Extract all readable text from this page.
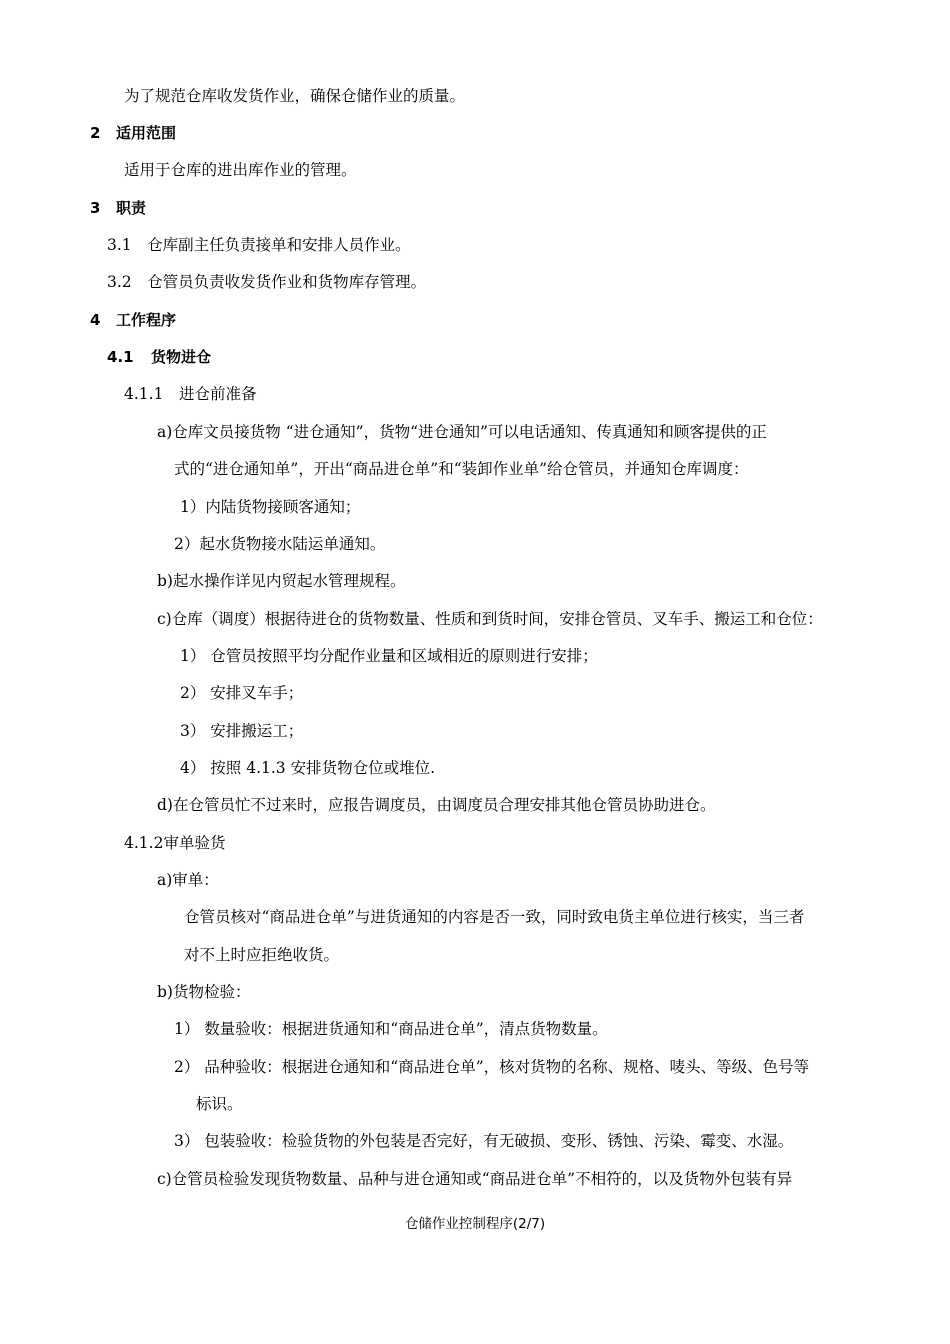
为了规范仓库收发货作业，确保仓储作业的质量。

2 适用范围

适用于仓库的进出库作业的管理。

3 职责

3.1　仓库副主任负责接单和安排人员作业。

3.2　仓管员负责收发货作业和货物库存管理。

4 工作程序

4.1 货物进仓

4.1.1　进仓前准备

a)仓库文员接货物 “进仓通知”，货物“进仓通知”可以电话通知、传真通知和顾客提供的正

式的“进仓通知单”，开出“商品进仓单”和“装卸作业单”给仓管员，并通知仓库调度：

1）内陆货物接顾客通知；

2）起水货物接水陆运单通知。

b)起水操作详见内贸起水管理规程。

c)仓库（调度）根据待进仓的货物数量、性质和到货时间，安排仓管员、叉车手、搬运工和仓位：

1） 仓管员按照平均分配作业量和区域相近的原则进行安排；

2） 安排叉车手；

3） 安排搬运工；

4） 按照 4.1.3 安排货物仓位或堆位.

d)在仓管员忙不过来时，应报告调度员，由调度员合理安排其他仓管员协助进仓。

4.1.2审单验货

a)审单：

仓管员核对“商品进仓单”与进货通知的内容是否一致，同时致电货主单位进行核实，当三者

对不上时应拒绝收货。

b)货物检验：

1） 数量验收：根据进货通知和“商品进仓单”，清点货物数量。

2） 品种验收：根据进仓通知和“商品进仓单”，核对货物的名称、规格、唛头、等级、色号等

标识。

3） 包装验收：检验货物的外包装是否完好，有无破损、变形、锈蚀、污染、霉变、水湿。

c)仓管员检验发现货物数量、品种与进仓通知或“商品进仓单”不相符的，以及货物外包装有异

仓储作业控制程序(2/7)
